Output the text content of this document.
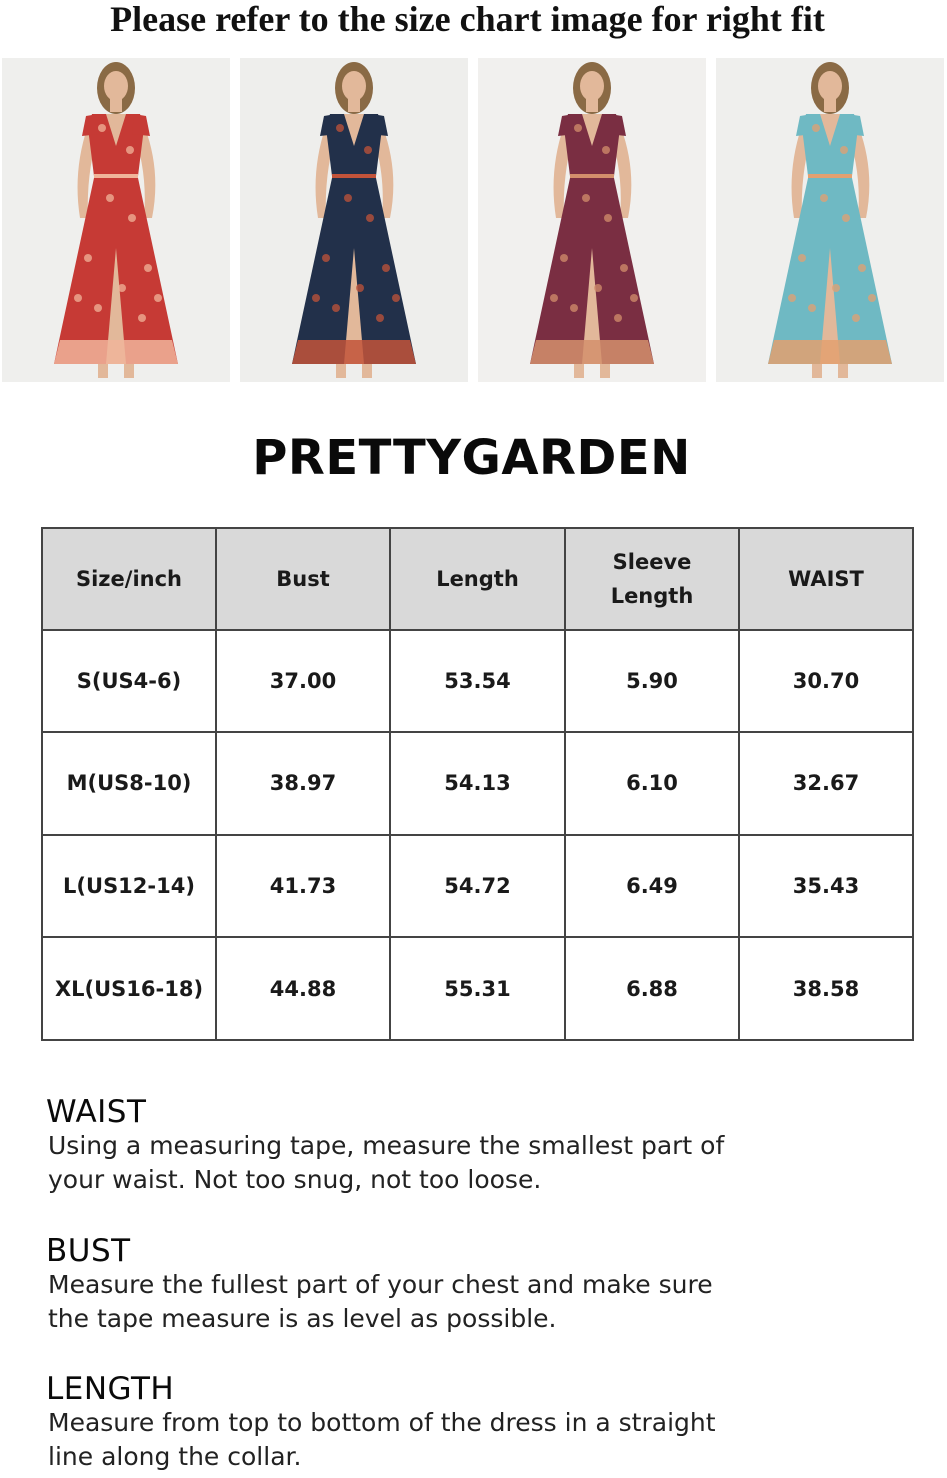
Please refer to the size chart image for right fit
PRETTYGARDEN
Size/inch	Bust	Length	Sleeve Length	WAIST
S(US4-6)	37.00	53.54	5.90	30.70
M(US8-10)	38.97	54.13	6.10	32.67
L(US12-14)	41.73	54.72	6.49	35.43
XL(US16-18)	44.88	55.31	6.88	38.58
WAIST
Using a measuring tape, measure the smallest part of your waist. Not too snug, not too loose.
BUST
Measure the fullest part of your chest and make sure the tape measure is as level as possible.
LENGTH
Measure from top to bottom of the dress in a straight line along the collar.
